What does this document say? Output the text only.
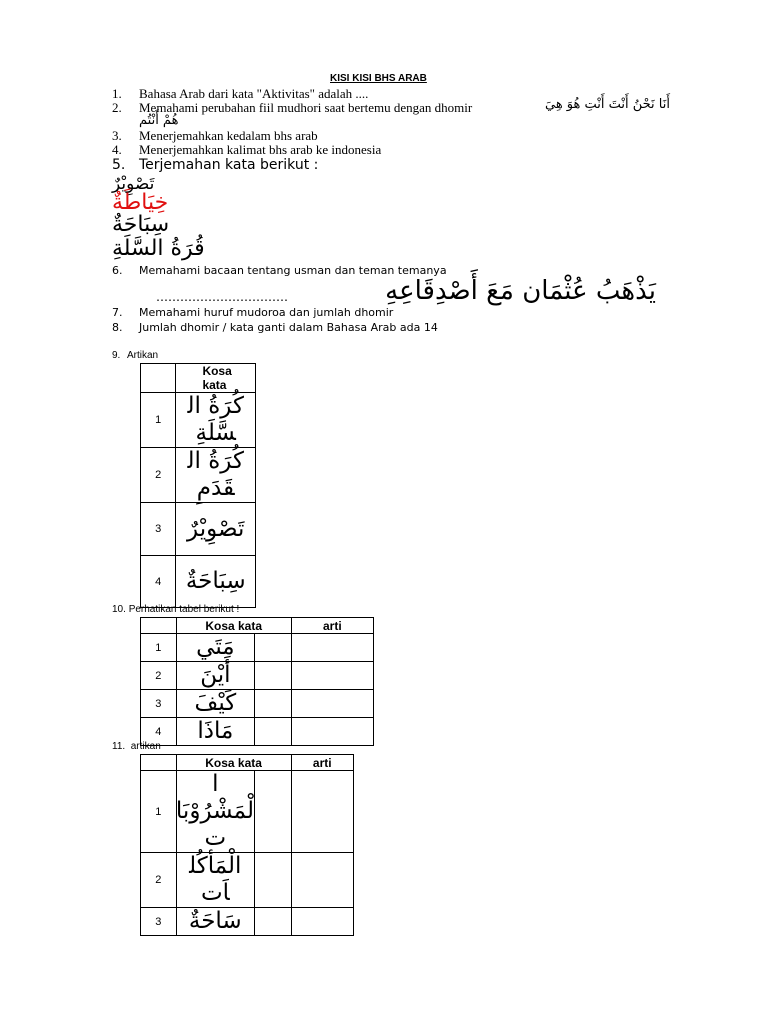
KISI KISI BHS ARAB
1. Bahasa Arab dari kata "Aktivitas" adalah ....
2. Memahami perubahan fiil mudhori saat bertemu dengan dhomir	أَنَا نَحْنُ أَنْتَ أَنْتِ هُوَ هِيَ
هُمْ أَنْتُم
3. Menerjemahkan kedalam bhs arab
4. Menerjemahkan kalimat bhs arab ke indonesia
5. Terjemahan kata berikut :
تَصْوِيْرٌ
خِيَاطَةٌ
سِبَاحَةٌ
قُرَةُ السَّلَةِ
6. Memahami bacaan tentang usman dan teman temanya
……………………………	يَذْهَبُ عُثْمَان مَعَ أَصْدِقَاعِهِ
7. Memahami huruf mudoroa dan jumlah dhomir
8. Jumlah dhomir / kata ganti dalam Bahasa Arab ada 14
9. Artikan
	Kosa kata
1	كُرَةُ السَّلَةِ
2	كُرَةُ القَدَمِ
3	تَصْوِيْرٌ
4	سِبَاحَةٌ
10. Perhatikan tabel berikut !
	Kosa kata		arti
1	مَتَي		
2	أَيْنَ		
3	كَيْفَ		
4	مَاذَا		
11. artikan
	Kosa kata		arti
1	الْمَشْرُوْبَات		
2	الْمَأكُلاَت		
3	سَاحَةٌ		
